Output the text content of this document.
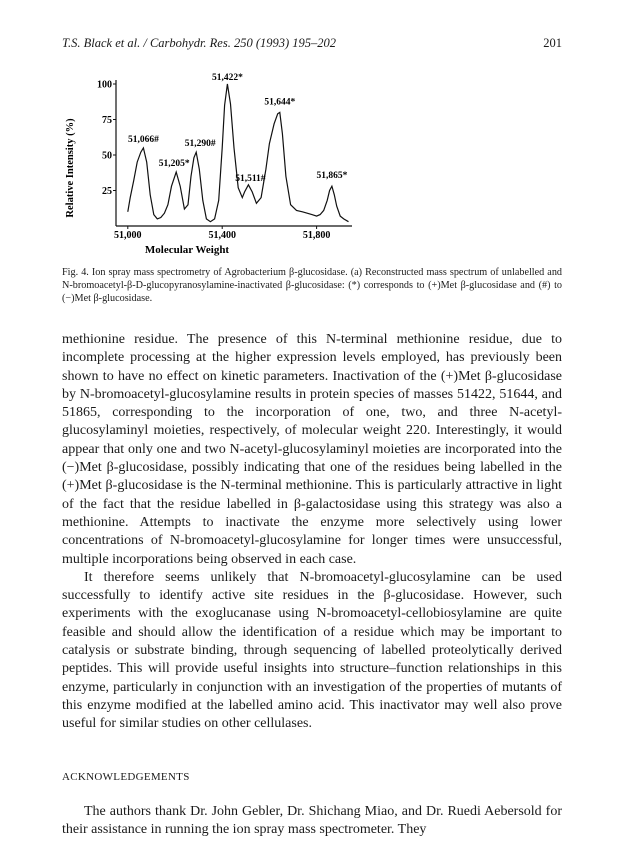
T.S. Black et al. / Carbohydr. Res. 250 (1993) 195–202	201
25
50
75
100
51,000	51,400	51,800
51,422*
51,644*
51,066#	51,290#
51,205*
51,511#	51,865*
Molecular Weight
Relative Intensity (%)
Fig. 4. Ion spray mass spectrometry of Agrobacterium β-glucosidase. (a) Reconstructed mass spectrum of unlabelled and N-bromoacetyl-β-D-glucopyranosylamine-inactivated β-glucosidase: (*) corresponds to (+)Met β-glucosidase and (#) to (−)Met β-glucosidase.

methionine residue. The presence of this N-terminal methionine residue, due to incomplete processing at the higher expression levels employed, has previously been shown to have no effect on kinetic parameters. Inactivation of the (+)Met β-glucosidase by N-bromoacetyl-glucosylamine results in protein species of masses 51422, 51644, and 51865, corresponding to the incorporation of one, two, and three N-acetyl-glucosylaminyl moieties, respectively, of molecular weight 220. Interestingly, it would appear that only one and two N-acetyl-glucosylaminyl moieties are incorporated into the (−)Met β-glucosidase, possibly indicating that one of the residues being labelled in the (+)Met β-glucosidase is the N-terminal methionine. This is particularly attractive in light of the fact that the residue labelled in β-galactosidase using this strategy was also a methionine. Attempts to inactivate the enzyme more selectively using lower concentrations of N-bromoacetyl-glucosylamine for longer times were unsuccessful, multiple incorporations being observed in each case.

It therefore seems unlikely that N-bromoacetyl-glucosylamine can be used successfully to identify active site residues in the β-glucosidase. However, such experiments with the exoglucanase using N-bromoacetyl-cellobiosylamine are quite feasible and should allow the identification of a residue which may be important to catalysis or substrate binding, through sequencing of labelled proteolytically derived peptides. This will provide useful insights into structure–function relationships in this enzyme, particularly in conjunction with an investigation of the properties of mutants of this enzyme modified at the labelled amino acid. This inactivator may well also prove useful for similar studies on other cellulases.

ACKNOWLEDGEMENTS

The authors thank Dr. John Gebler, Dr. Shichang Miao, and Dr. Ruedi Aebersold for their assistance in running the ion spray mass spectrometer. They
